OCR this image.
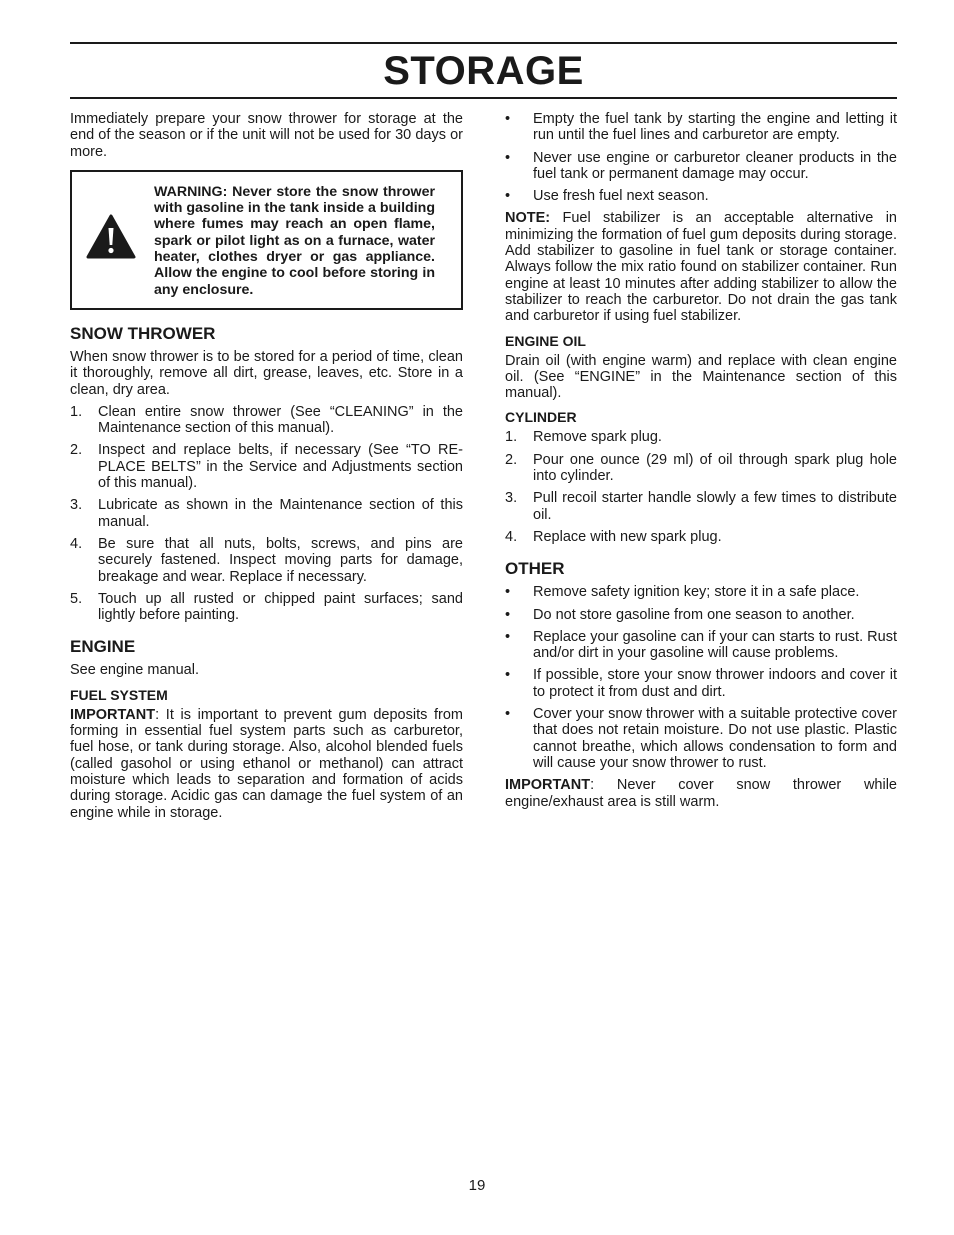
STORAGE

Immediately prepare your snow thrower for storage at the end of the season or if the unit will not be used for 30 days or more.

WARNING: Never store the snow thrower with gasoline in the tank inside a building where fumes may reach an open flame, spark or pilot light as on a furnace, water heater, clothes dryer or gas appliance. Allow the engine to cool before storing in any enclosure.

SNOW THROWER

When snow thrower is to be stored for a period of time, clean it thoroughly, remove all dirt, grease, leaves, etc. Store in a clean, dry area.

1. Clean entire snow thrower (See “CLEANING” in the Maintenance section of this manual).
2. Inspect and replace belts, if necessary (See “TO RE-PLACE BELTS” in the Service and Adjustments section of this manual).
3. Lubricate as shown in the Maintenance section of this manual.
4. Be sure that all nuts, bolts, screws, and pins are securely fastened. Inspect moving parts for damage, breakage and wear. Replace if necessary.
5. Touch up all rusted or chipped paint surfaces; sand lightly before painting.
ENGINE

See engine manual.

FUEL SYSTEM

IMPORTANT: It is important to prevent gum deposits from forming in essential fuel system parts such as carburetor, fuel hose, or tank during storage. Also, alcohol blended fuels (called gasohol or using ethanol or methanol) can attract moisture which leads to separation and formation of acids during storage. Acidic gas can damage the fuel system of an engine while in storage.

• Empty the fuel tank by starting the engine and letting it run until the fuel lines and carburetor are empty.
• Never use engine or carburetor cleaner products in the fuel tank or permanent damage may occur.
• Use fresh fuel next season.

NOTE: Fuel stabilizer is an acceptable alternative in minimizing the formation of fuel gum deposits during storage. Add stabilizer to gasoline in fuel tank or storage container. Always follow the mix ratio found on stabilizer container. Run engine at least 10 minutes after adding stabilizer to allow the stabilizer to reach the carburetor. Do not drain the gas tank and carburetor if using fuel stabilizer.

ENGINE OIL

Drain oil (with engine warm) and replace with clean engine oil. (See “ENGINE” in the Maintenance section of this manual).

CYLINDER
1. Remove spark plug.
2. Pour one ounce (29 ml) of oil through spark plug hole into cylinder.
3. Pull recoil starter handle slowly a few times to distribute oil.
4. Replace with new spark plug.
OTHER
• Remove safety ignition key; store it in a safe place.
• Do not store gasoline from one season to another.
• Replace your gasoline can if your can starts to rust. Rust and/or dirt in your gasoline will cause problems.
• If possible, store your snow thrower indoors and cover it to protect it from dust and dirt.
• Cover your snow thrower with a suitable protective cover that does not retain moisture. Do not use plastic. Plastic cannot breathe, which allows condensation to form and will cause your snow thrower to rust.

IMPORTANT: Never cover snow thrower while engine/exhaust area is still warm.

19
